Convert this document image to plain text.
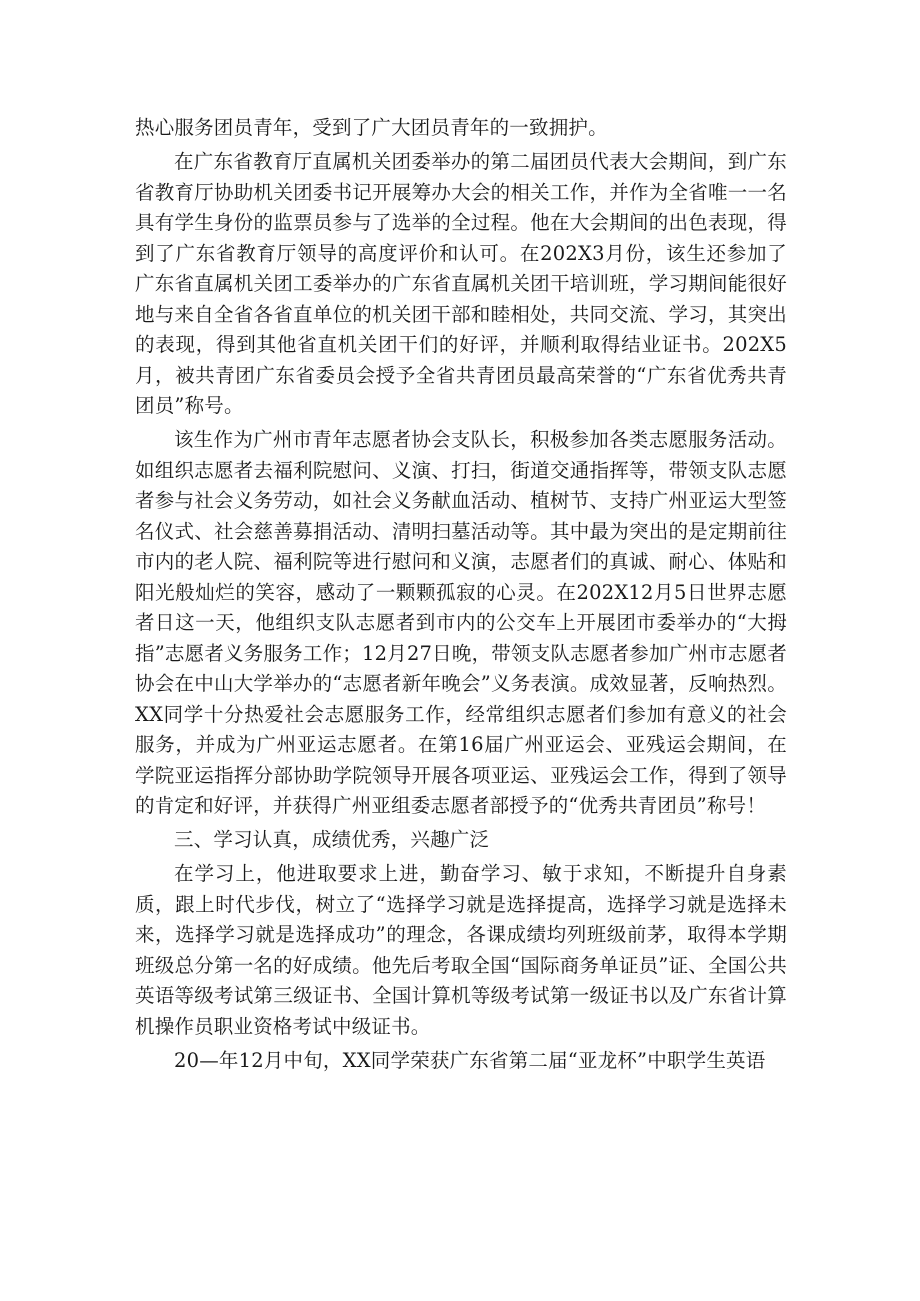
热心服务团员青年，受到了广大团员青年的一致拥护。

在广东省教育厅直属机关团委举办的第二届团员代表大会期间，到广东省教育厅协助机关团委书记开展筹办大会的相关工作，并作为全省唯一一名具有学生身份的监票员参与了选举的全过程。他在大会期间的出色表现，得到了广东省教育厅领导的高度评价和认可。在202X3月份，该生还参加了广东省直属机关团工委举办的广东省直属机关团干培训班，学习期间能很好地与来自全省各省直单位的机关团干部和睦相处，共同交流、学习，其突出的表现，得到其他省直机关团干们的好评，并顺利取得结业证书。202X5月，被共青团广东省委员会授予全省共青团员最高荣誉的“广东省优秀共青团员”称号。

该生作为广州市青年志愿者协会支队长，积极参加各类志愿服务活动。如组织志愿者去福利院慰问、义演、打扫，街道交通指挥等，带领支队志愿者参与社会义务劳动，如社会义务献血活动、植树节、支持广州亚运大型签名仪式、社会慈善募捐活动、清明扫墓活动等。其中最为突出的是定期前往市内的老人院、福利院等进行慰问和义演，志愿者们的真诚、耐心、体贴和阳光般灿烂的笑容，感动了一颗颗孤寂的心灵。在202X12月5日世界志愿者日这一天，他组织支队志愿者到市内的公交车上开展团市委举办的“大拇指”志愿者义务服务工作；12月27日晚，带领支队志愿者参加广州市志愿者协会在中山大学举办的“志愿者新年晚会”义务表演。成效显著，反响热烈。XX同学十分热爱社会志愿服务工作，经常组织志愿者们参加有意义的社会服务，并成为广州亚运志愿者。在第16届广州亚运会、亚残运会期间，在学院亚运指挥分部协助学院领导开展各项亚运、亚残运会工作，得到了领导的肯定和好评，并获得广州亚组委志愿者部授予的“优秀共青团员”称号！

三、学习认真，成绩优秀，兴趣广泛

在学习上，他进取要求上进，勤奋学习、敏于求知，不断提升自身素质，跟上时代步伐，树立了“选择学习就是选择提高，选择学习就是选择未来，选择学习就是选择成功”的理念，各课成绩均列班级前茅，取得本学期班级总分第一名的好成绩。他先后考取全国“国际商务单证员”证、全国公共英语等级考试第三级证书、全国计算机等级考试第一级证书以及广东省计算机操作员职业资格考试中级证书。

20—年12月中旬，XX同学荣获广东省第二届“亚龙杯”中职学生英语
